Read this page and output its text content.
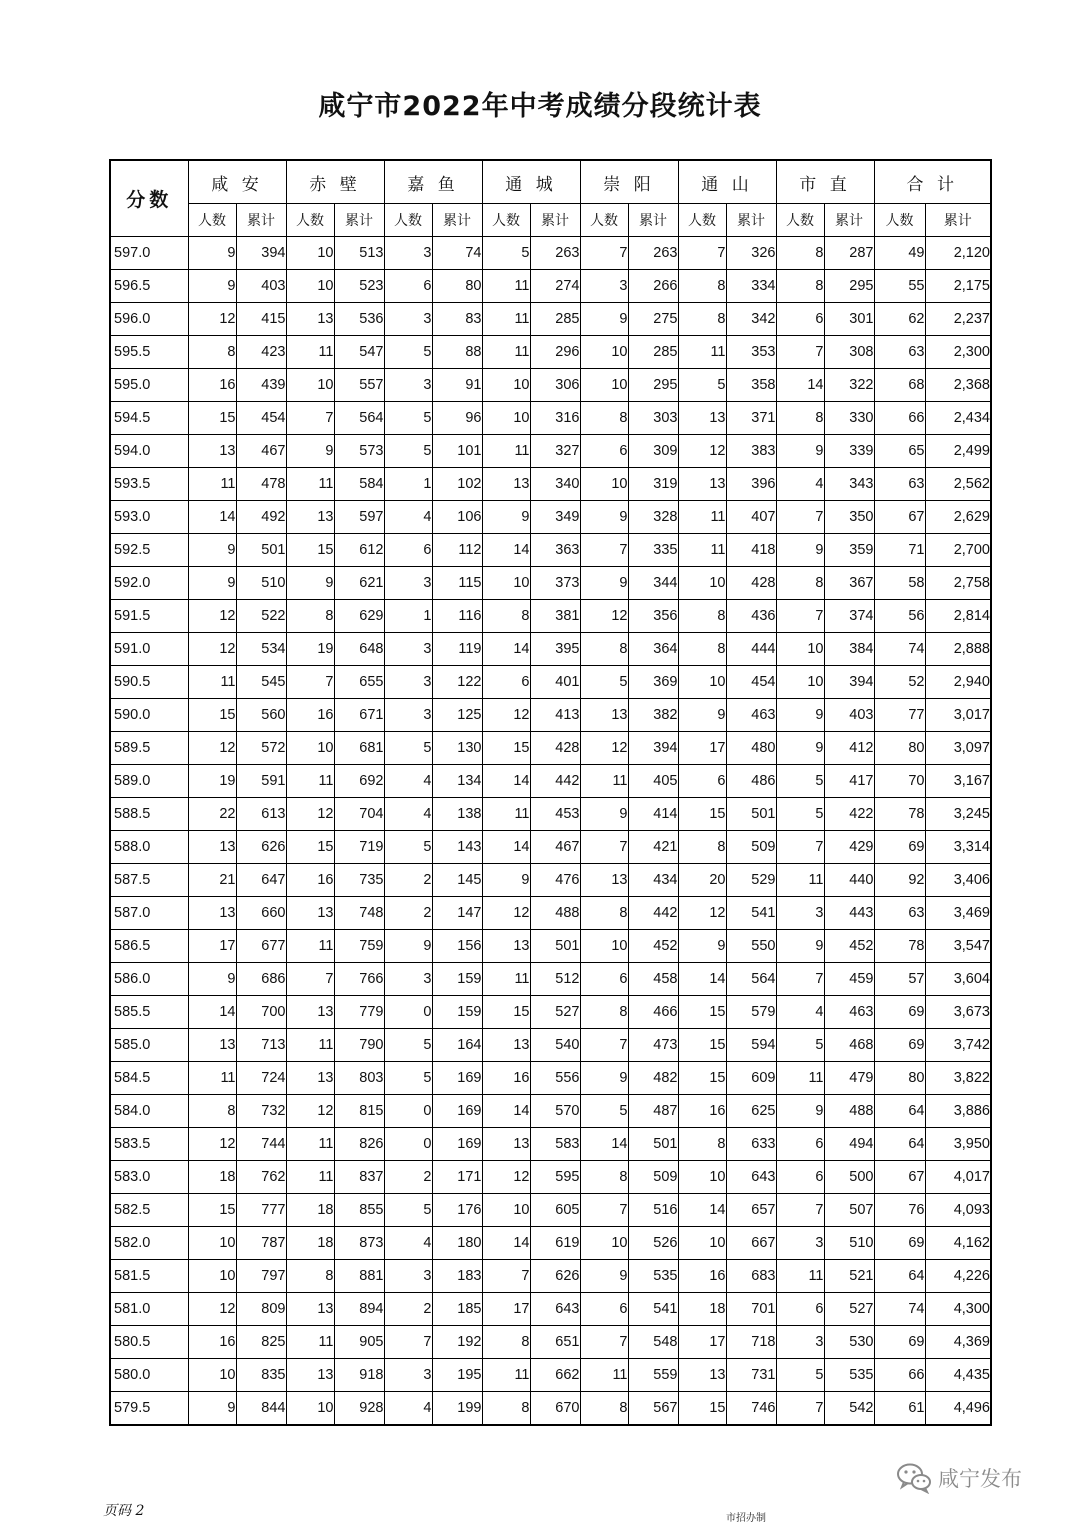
咸宁市2022年中考成绩分段统计表
分数	咸 安		赤 壁		嘉 鱼		通 城		崇 阳		通 山		市 直		合 计	
	人数	累计	人数	累计	人数	累计	人数	累计	人数	累计	人数	累计	人数	累计	人数	累计
597.0	9	394	10	513	3	74	5	263	7	263	7	326	8	287	49	2,120
596.5	9	403	10	523	6	80	11	274	3	266	8	334	8	295	55	2,175
596.0	12	415	13	536	3	83	11	285	9	275	8	342	6	301	62	2,237
595.5	8	423	11	547	5	88	11	296	10	285	11	353	7	308	63	2,300
595.0	16	439	10	557	3	91	10	306	10	295	5	358	14	322	68	2,368
594.5	15	454	7	564	5	96	10	316	8	303	13	371	8	330	66	2,434
594.0	13	467	9	573	5	101	11	327	6	309	12	383	9	339	65	2,499
593.5	11	478	11	584	1	102	13	340	10	319	13	396	4	343	63	2,562
593.0	14	492	13	597	4	106	9	349	9	328	11	407	7	350	67	2,629
592.5	9	501	15	612	6	112	14	363	7	335	11	418	9	359	71	2,700
592.0	9	510	9	621	3	115	10	373	9	344	10	428	8	367	58	2,758
591.5	12	522	8	629	1	116	8	381	12	356	8	436	7	374	56	2,814
591.0	12	534	19	648	3	119	14	395	8	364	8	444	10	384	74	2,888
590.5	11	545	7	655	3	122	6	401	5	369	10	454	10	394	52	2,940
590.0	15	560	16	671	3	125	12	413	13	382	9	463	9	403	77	3,017
589.5	12	572	10	681	5	130	15	428	12	394	17	480	9	412	80	3,097
589.0	19	591	11	692	4	134	14	442	11	405	6	486	5	417	70	3,167
588.5	22	613	12	704	4	138	11	453	9	414	15	501	5	422	78	3,245
588.0	13	626	15	719	5	143	14	467	7	421	8	509	7	429	69	3,314
587.5	21	647	16	735	2	145	9	476	13	434	20	529	11	440	92	3,406
587.0	13	660	13	748	2	147	12	488	8	442	12	541	3	443	63	3,469
586.5	17	677	11	759	9	156	13	501	10	452	9	550	9	452	78	3,547
586.0	9	686	7	766	3	159	11	512	6	458	14	564	7	459	57	3,604
585.5	14	700	13	779	0	159	15	527	8	466	15	579	4	463	69	3,673
585.0	13	713	11	790	5	164	13	540	7	473	15	594	5	468	69	3,742
584.5	11	724	13	803	5	169	16	556	9	482	15	609	11	479	80	3,822
584.0	8	732	12	815	0	169	14	570	5	487	16	625	9	488	64	3,886
583.5	12	744	11	826	0	169	13	583	14	501	8	633	6	494	64	3,950
583.0	18	762	11	837	2	171	12	595	8	509	10	643	6	500	67	4,017
582.5	15	777	18	855	5	176	10	605	7	516	14	657	7	507	76	4,093
582.0	10	787	18	873	4	180	14	619	10	526	10	667	3	510	69	4,162
581.5	10	797	8	881	3	183	7	626	9	535	16	683	11	521	64	4,226
581.0	12	809	13	894	2	185	17	643	6	541	18	701	6	527	74	4,300
580.5	16	825	11	905	7	192	8	651	7	548	17	718	3	530	69	4,369
580.0	10	835	13	918	3	195	11	662	11	559	13	731	5	535	66	4,435
579.5	9	844	10	928	4	199	8	670	8	567	15	746	7	542	61	4,496
页码 2	市招办制
咸宁发布
